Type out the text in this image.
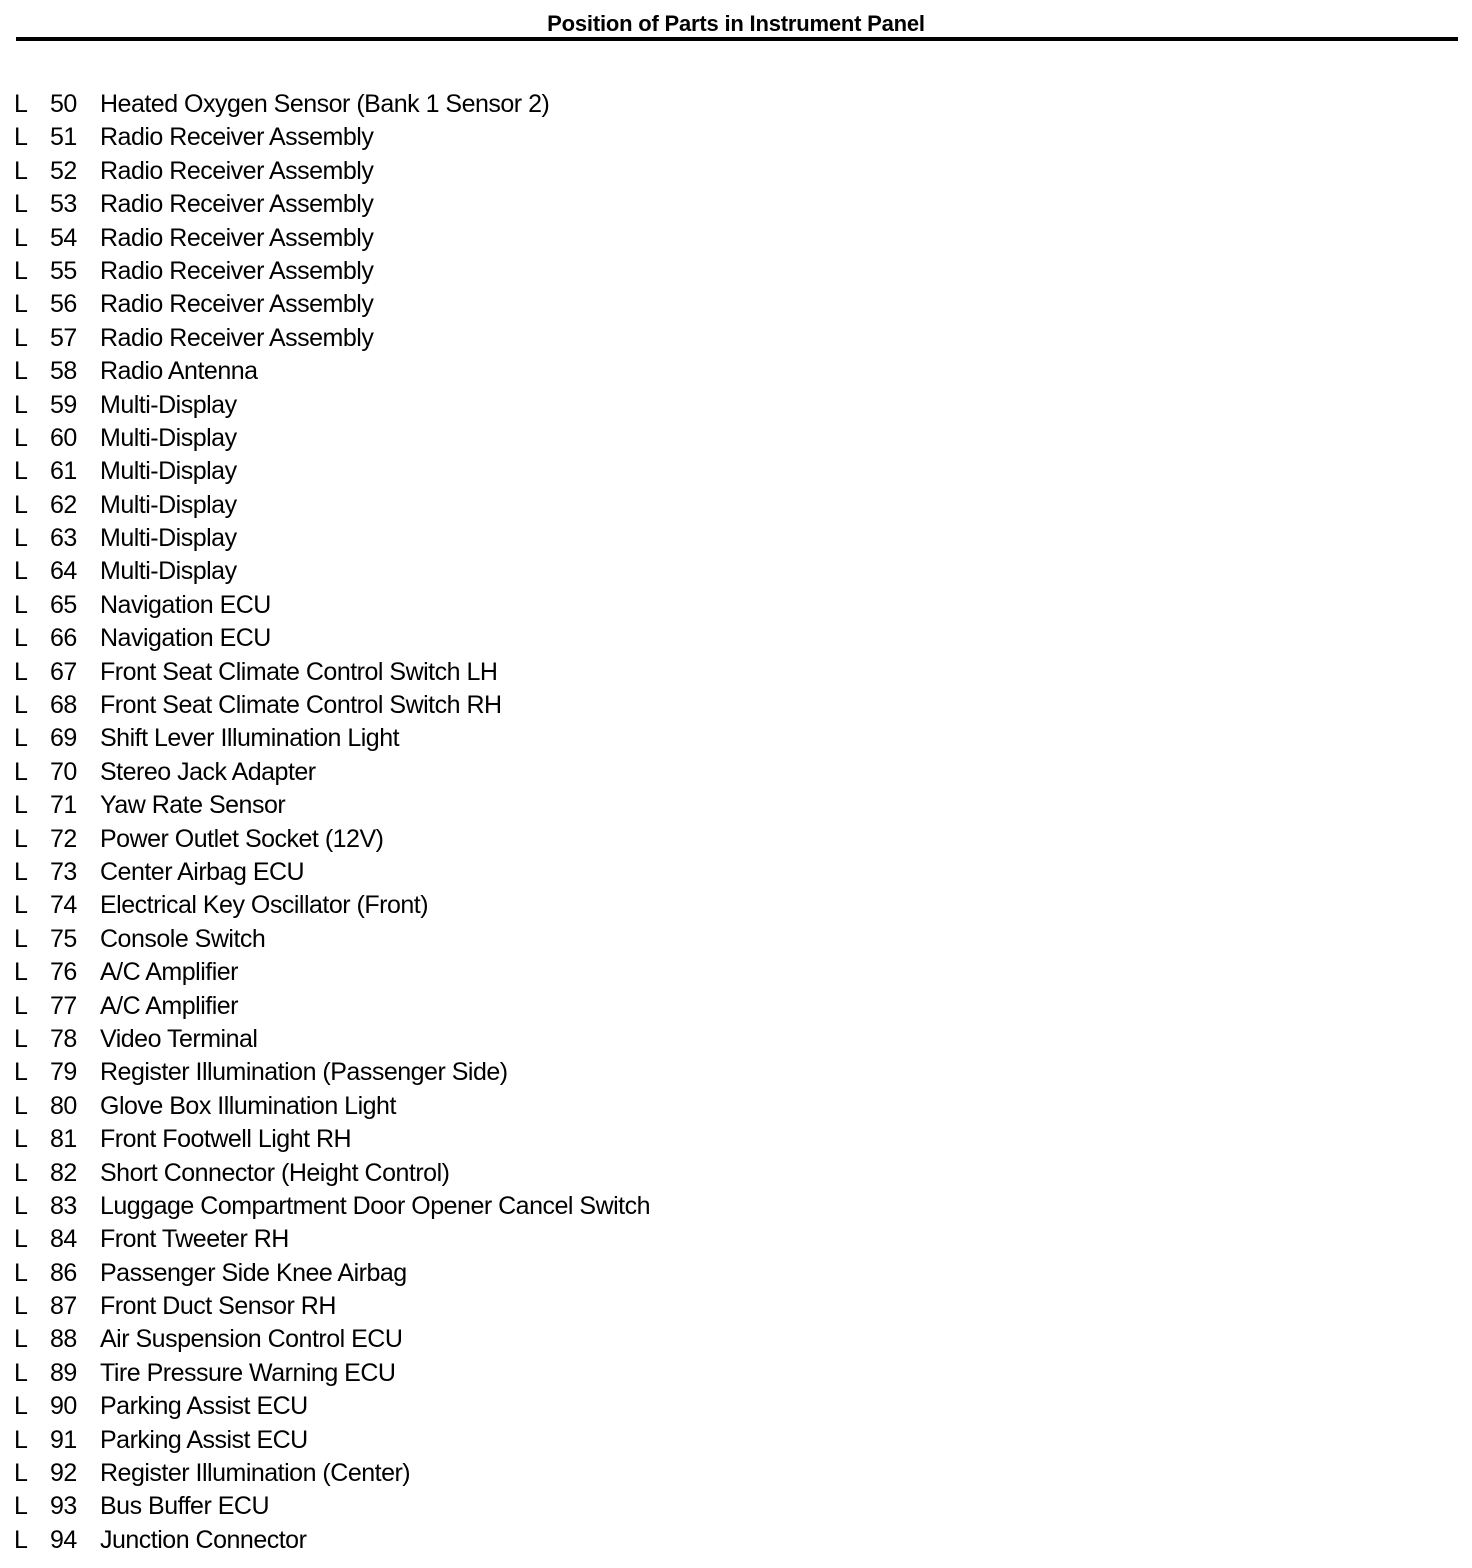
Position of Parts in Instrument Panel
L 50 Heated Oxygen Sensor (Bank 1 Sensor 2)
L 51 Radio Receiver Assembly
L 52 Radio Receiver Assembly
L 53 Radio Receiver Assembly
L 54 Radio Receiver Assembly
L 55 Radio Receiver Assembly
L 56 Radio Receiver Assembly
L 57 Radio Receiver Assembly
L 58 Radio Antenna
L 59 Multi-Display
L 60 Multi-Display
L 61 Multi-Display
L 62 Multi-Display
L 63 Multi-Display
L 64 Multi-Display
L 65 Navigation ECU
L 66 Navigation ECU
L 67 Front Seat Climate Control Switch LH
L 68 Front Seat Climate Control Switch RH
L 69 Shift Lever Illumination Light
L 70 Stereo Jack Adapter
L 71 Yaw Rate Sensor
L 72 Power Outlet Socket (12V)
L 73 Center Airbag ECU
L 74 Electrical Key Oscillator (Front)
L 75 Console Switch
L 76 A/C Amplifier
L 77 A/C Amplifier
L 78 Video Terminal
L 79 Register Illumination (Passenger Side)
L 80 Glove Box Illumination Light
L 81 Front Footwell Light RH
L 82 Short Connector (Height Control)
L 83 Luggage Compartment Door Opener Cancel Switch
L 84 Front Tweeter RH
L 86 Passenger Side Knee Airbag
L 87 Front Duct Sensor RH
L 88 Air Suspension Control ECU
L 89 Tire Pressure Warning ECU
L 90 Parking Assist ECU
L 91 Parking Assist ECU
L 92 Register Illumination (Center)
L 93 Bus Buffer ECU
L 94 Junction Connector
